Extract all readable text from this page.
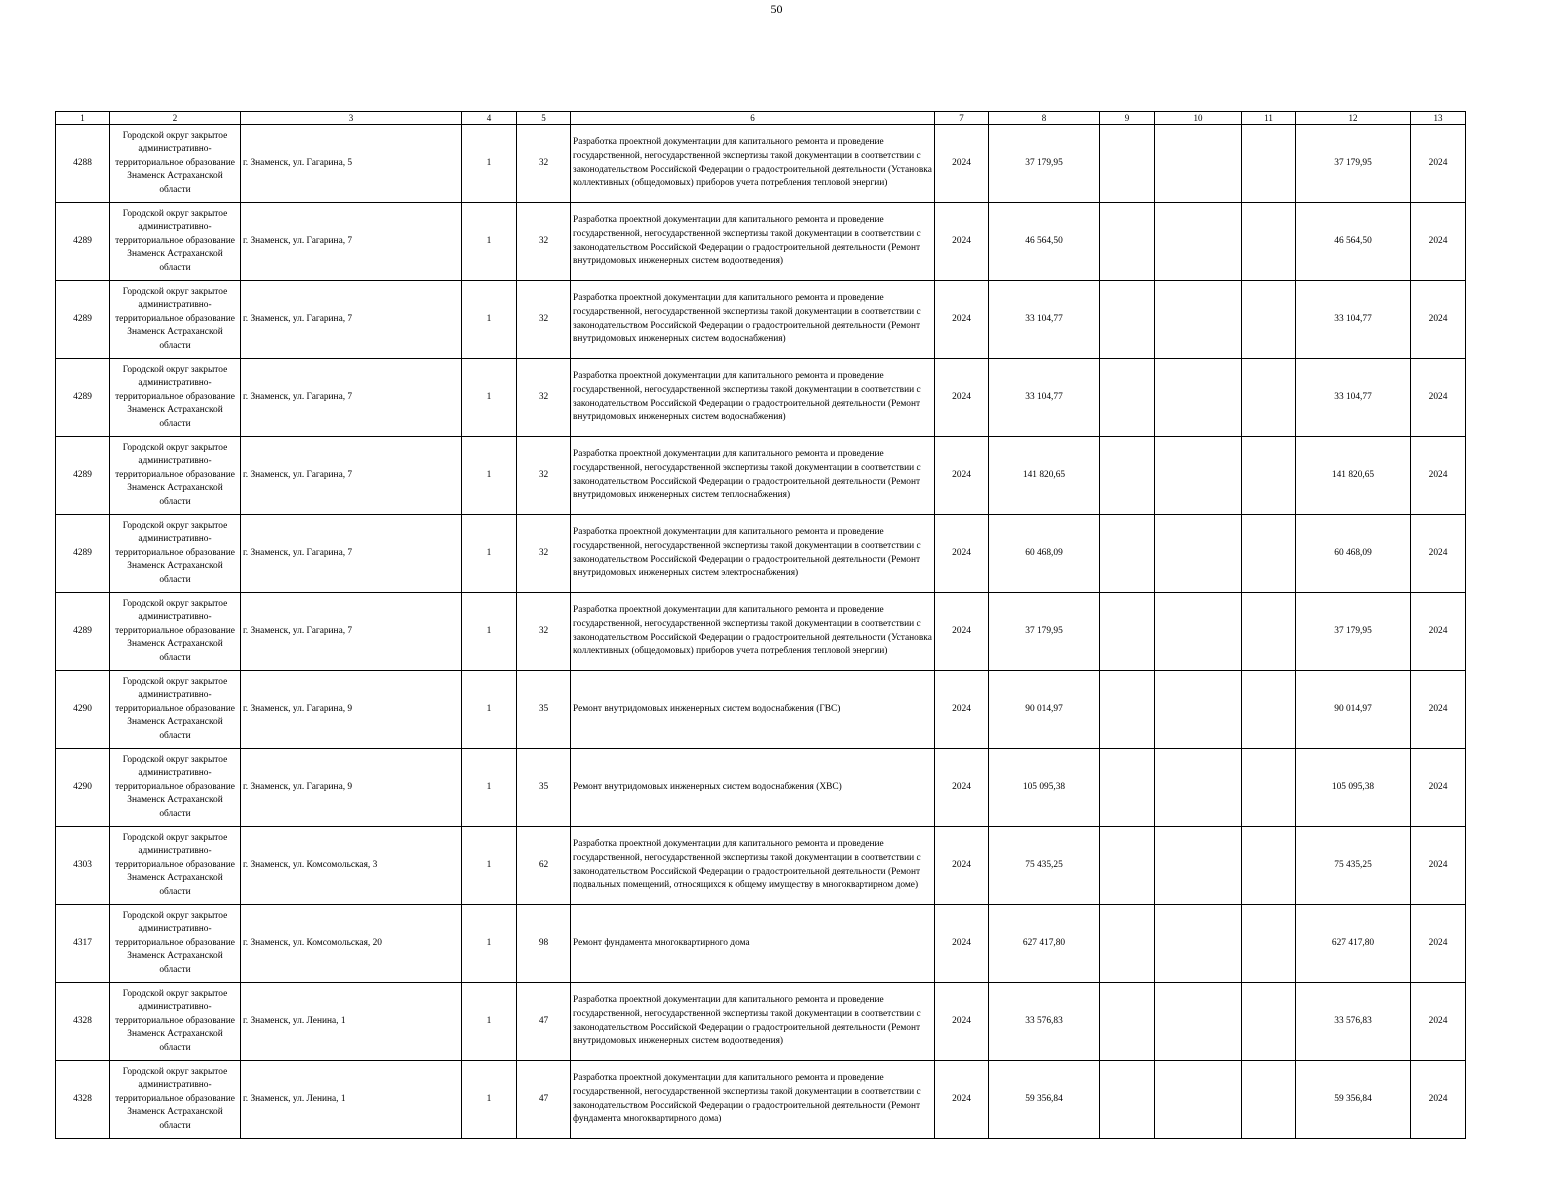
50
1	2	3	4	5	6	7	8	9	10	11	12	13
4288	Городской округ закрытое административно-территориальное образование Знаменск Астраханской области	г. Знаменск, ул. Гагарина, 5	1	32	Разработка проектной документации для капитального ремонта и проведение государственной, негосударственной экспертизы такой документации в соответствии с законодательством Российской Федерации о градостроительной деятельности (Установка коллективных (общедомовых) приборов учета потребления тепловой энергии)	2024	37 179,95				37 179,95	2024
4289	Городской округ закрытое административно-территориальное образование Знаменск Астраханской области	г. Знаменск, ул. Гагарина, 7	1	32	Разработка проектной документации для капитального ремонта и проведение государственной, негосударственной экспертизы такой документации в соответствии с законодательством Российской Федерации о градостроительной деятельности (Ремонт внутридомовых инженерных систем водоотведения)	2024	46 564,50				46 564,50	2024
4289	Городской округ закрытое административно-территориальное образование Знаменск Астраханской области	г. Знаменск, ул. Гагарина, 7	1	32	Разработка проектной документации для капитального ремонта и проведение государственной, негосударственной экспертизы такой документации в соответствии с законодательством Российской Федерации о градостроительной деятельности (Ремонт внутридомовых инженерных систем водоснабжения)	2024	33 104,77				33 104,77	2024
4289	Городской округ закрытое административно-территориальное образование Знаменск Астраханской области	г. Знаменск, ул. Гагарина, 7	1	32	Разработка проектной документации для капитального ремонта и проведение государственной, негосударственной экспертизы такой документации в соответствии с законодательством Российской Федерации о градостроительной деятельности (Ремонт внутридомовых инженерных систем водоснабжения)	2024	33 104,77				33 104,77	2024
4289	Городской округ закрытое административно-территориальное образование Знаменск Астраханской области	г. Знаменск, ул. Гагарина, 7	1	32	Разработка проектной документации для капитального ремонта и проведение государственной, негосударственной экспертизы такой документации в соответствии с законодательством Российской Федерации о градостроительной деятельности (Ремонт внутридомовых инженерных систем теплоснабжения)	2024	141 820,65				141 820,65	2024
4289	Городской округ закрытое административно-территориальное образование Знаменск Астраханской области	г. Знаменск, ул. Гагарина, 7	1	32	Разработка проектной документации для капитального ремонта и проведение государственной, негосударственной экспертизы такой документации в соответствии с законодательством Российской Федерации о градостроительной деятельности (Ремонт внутридомовых инженерных систем электроснабжения)	2024	60 468,09				60 468,09	2024
4289	Городской округ закрытое административно-территориальное образование Знаменск Астраханской области	г. Знаменск, ул. Гагарина, 7	1	32	Разработка проектной документации для капитального ремонта и проведение государственной, негосударственной экспертизы такой документации в соответствии с законодательством Российской Федерации о градостроительной деятельности (Установка коллективных (общедомовых) приборов учета потребления тепловой энергии)	2024	37 179,95				37 179,95	2024
4290	Городской округ закрытое административно-территориальное образование Знаменск Астраханской области	г. Знаменск, ул. Гагарина, 9	1	35	Ремонт внутридомовых инженерных систем водоснабжения (ГВС)	2024	90 014,97				90 014,97	2024
4290	Городской округ закрытое административно-территориальное образование Знаменск Астраханской области	г. Знаменск, ул. Гагарина, 9	1	35	Ремонт внутридомовых инженерных систем водоснабжения (ХВС)	2024	105 095,38				105 095,38	2024
4303	Городской округ закрытое административно-территориальное образование Знаменск Астраханской области	г. Знаменск, ул. Комсомольская, 3	1	62	Разработка проектной документации для капитального ремонта и проведение государственной, негосударственной экспертизы такой документации в соответствии с законодательством Российской Федерации о градостроительной деятельности (Ремонт подвальных помещений, относящихся к общему имуществу в многоквартирном доме)	2024	75 435,25				75 435,25	2024
4317	Городской округ закрытое административно-территориальное образование Знаменск Астраханской области	г. Знаменск, ул. Комсомольская, 20	1	98	Ремонт фундамента многоквартирного дома	2024	627 417,80				627 417,80	2024
4328	Городской округ закрытое административно-территориальное образование Знаменск Астраханской области	г. Знаменск, ул. Ленина, 1	1	47	Разработка проектной документации для капитального ремонта и проведение государственной, негосударственной экспертизы такой документации в соответствии с законодательством Российской Федерации о градостроительной деятельности (Ремонт внутридомовых инженерных систем водоотведения)	2024	33 576,83				33 576,83	2024
4328	Городской округ закрытое административно-территориальное образование Знаменск Астраханской области	г. Знаменск, ул. Ленина, 1	1	47	Разработка проектной документации для капитального ремонта и проведение государственной, негосударственной экспертизы такой документации в соответствии с законодательством Российской Федерации о градостроительной деятельности (Ремонт фундамента многоквартирного дома)	2024	59 356,84				59 356,84	2024
